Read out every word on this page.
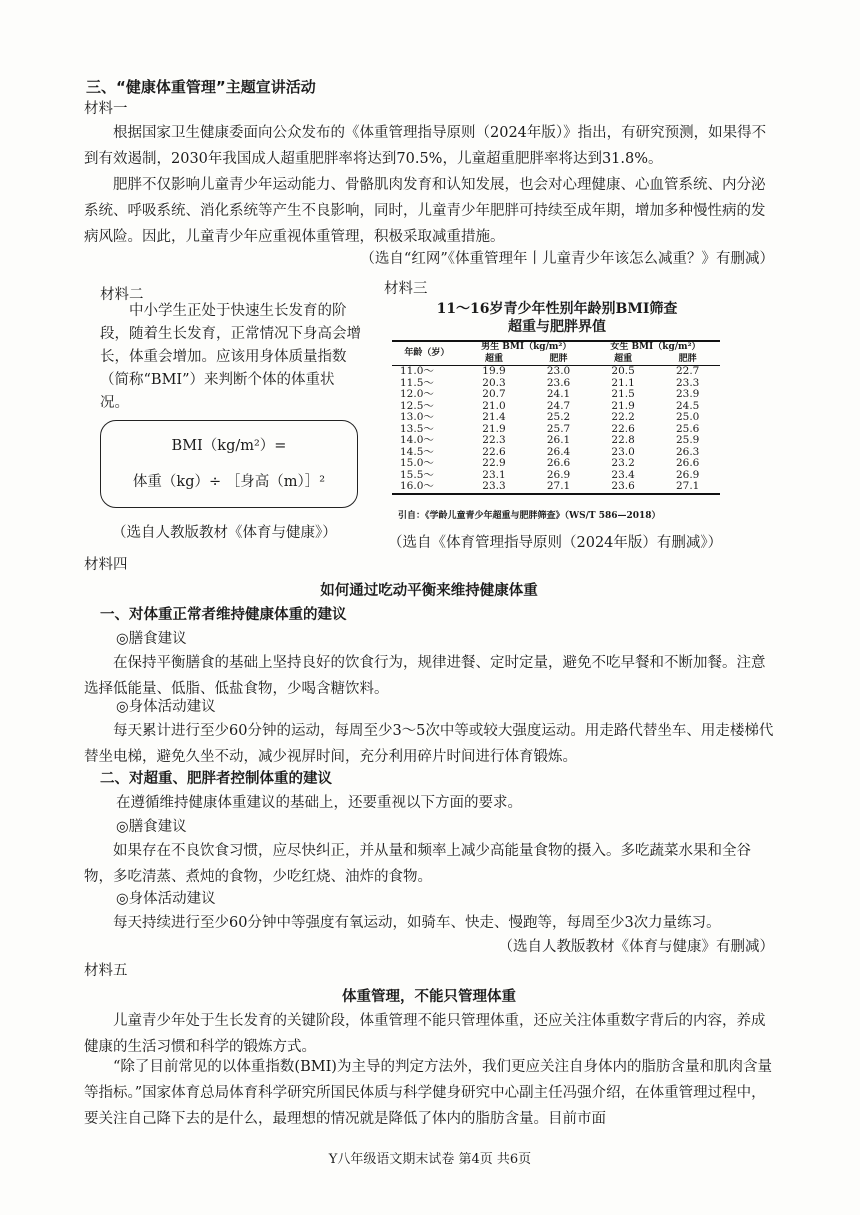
三、“健康体重管理”主题宣讲活动
材料一
根据国家卫生健康委面向公众发布的《体重管理指导原则（2024年版）》指出，有研究预测，如果得不到有效遏制，2030年我国成人超重肥胖率将达到70.5%，儿童超重肥胖率将达到31.8%。
肥胖不仅影响儿童青少年运动能力、骨骼肌肉发育和认知发展，也会对心理健康、心血管系统、内分泌系统、呼吸系统、消化系统等产生不良影响，同时，儿童青少年肥胖可持续至成年期，增加多种慢性病的发病风险。因此，儿童青少年应重视体重管理，积极采取减重措施。
（选自“红网”《体重管理年丨儿童青少年该怎么减重？》有删减）
材料二
中小学生正处于快速生长发育的阶段，随着生长发育，正常情况下身高会增长，体重会增加。应该用身体质量指数（简称“BMI”）来判断个体的体重状况。
BMI（kg/m²）=
体重（kg）÷ ［身高（m）］²
（选自人教版教材《体育与健康》）
材料三
11～16岁青少年性别年龄别BMI筛查
超重与肥胖界值
年龄（岁）	男生 BMI（kg/m²）		女生 BMI（kg/m²）	
	超重	肥胖	超重	肥胖
11.0～	19.9	23.0	20.5	22.7
11.5～	20.3	23.6	21.1	23.3
12.0～	20.7	24.1	21.5	23.9
12.5～	21.0	24.7	21.9	24.5
13.0～	21.4	25.2	22.2	25.0
13.5～	21.9	25.7	22.6	25.6
14.0～	22.3	26.1	22.8	25.9
14.5～	22.6	26.4	23.0	26.3
15.0～	22.9	26.6	23.2	26.6
15.5～	23.1	26.9	23.4	26.9
16.0～	23.3	27.1	23.6	27.1
引自：《学龄儿童青少年超重与肥胖筛查》（WS/T 586—2018）
（选自《体育管理指导原则（2024年版）有删减》）
材料四
如何通过吃动平衡来维持健康体重
一、对体重正常者维持健康体重的建议
◎膳食建议
在保持平衡膳食的基础上坚持良好的饮食行为，规律进餐、定时定量，避免不吃早餐和不断加餐。注意选择低能量、低脂、低盐食物，少喝含糖饮料。
◎身体活动建议
每天累计进行至少60分钟的运动，每周至少3～5次中等或较大强度运动。用走路代替坐车、用走楼梯代替坐电梯，避免久坐不动，减少视屏时间，充分利用碎片时间进行体育锻炼。
二、对超重、肥胖者控制体重的建议
在遵循维持健康体重建议的基础上，还要重视以下方面的要求。
◎膳食建议
如果存在不良饮食习惯，应尽快纠正，并从量和频率上减少高能量食物的摄入。多吃蔬菜水果和全谷物，多吃清蒸、煮炖的食物，少吃红烧、油炸的食物。
◎身体活动建议
每天持续进行至少60分钟中等强度有氧运动，如骑车、快走、慢跑等，每周至少3次力量练习。
（选自人教版教材《体育与健康》有删减）
材料五
体重管理，不能只管理体重
儿童青少年处于生长发育的关键阶段，体重管理不能只管理体重，还应关注体重数字背后的内容，养成健康的生活习惯和科学的锻炼方式。
“除了目前常见的以体重指数(BMI)为主导的判定方法外，我们更应关注自身体内的脂肪含量和肌肉含量等指标。”国家体育总局体育科学研究所国民体质与科学健身研究中心副主任冯强介绍，在体重管理过程中，要关注自己降下去的是什么，最理想的情况就是降低了体内的脂肪含量。目前市面
Y八年级语文期末试卷 第4页 共6页
